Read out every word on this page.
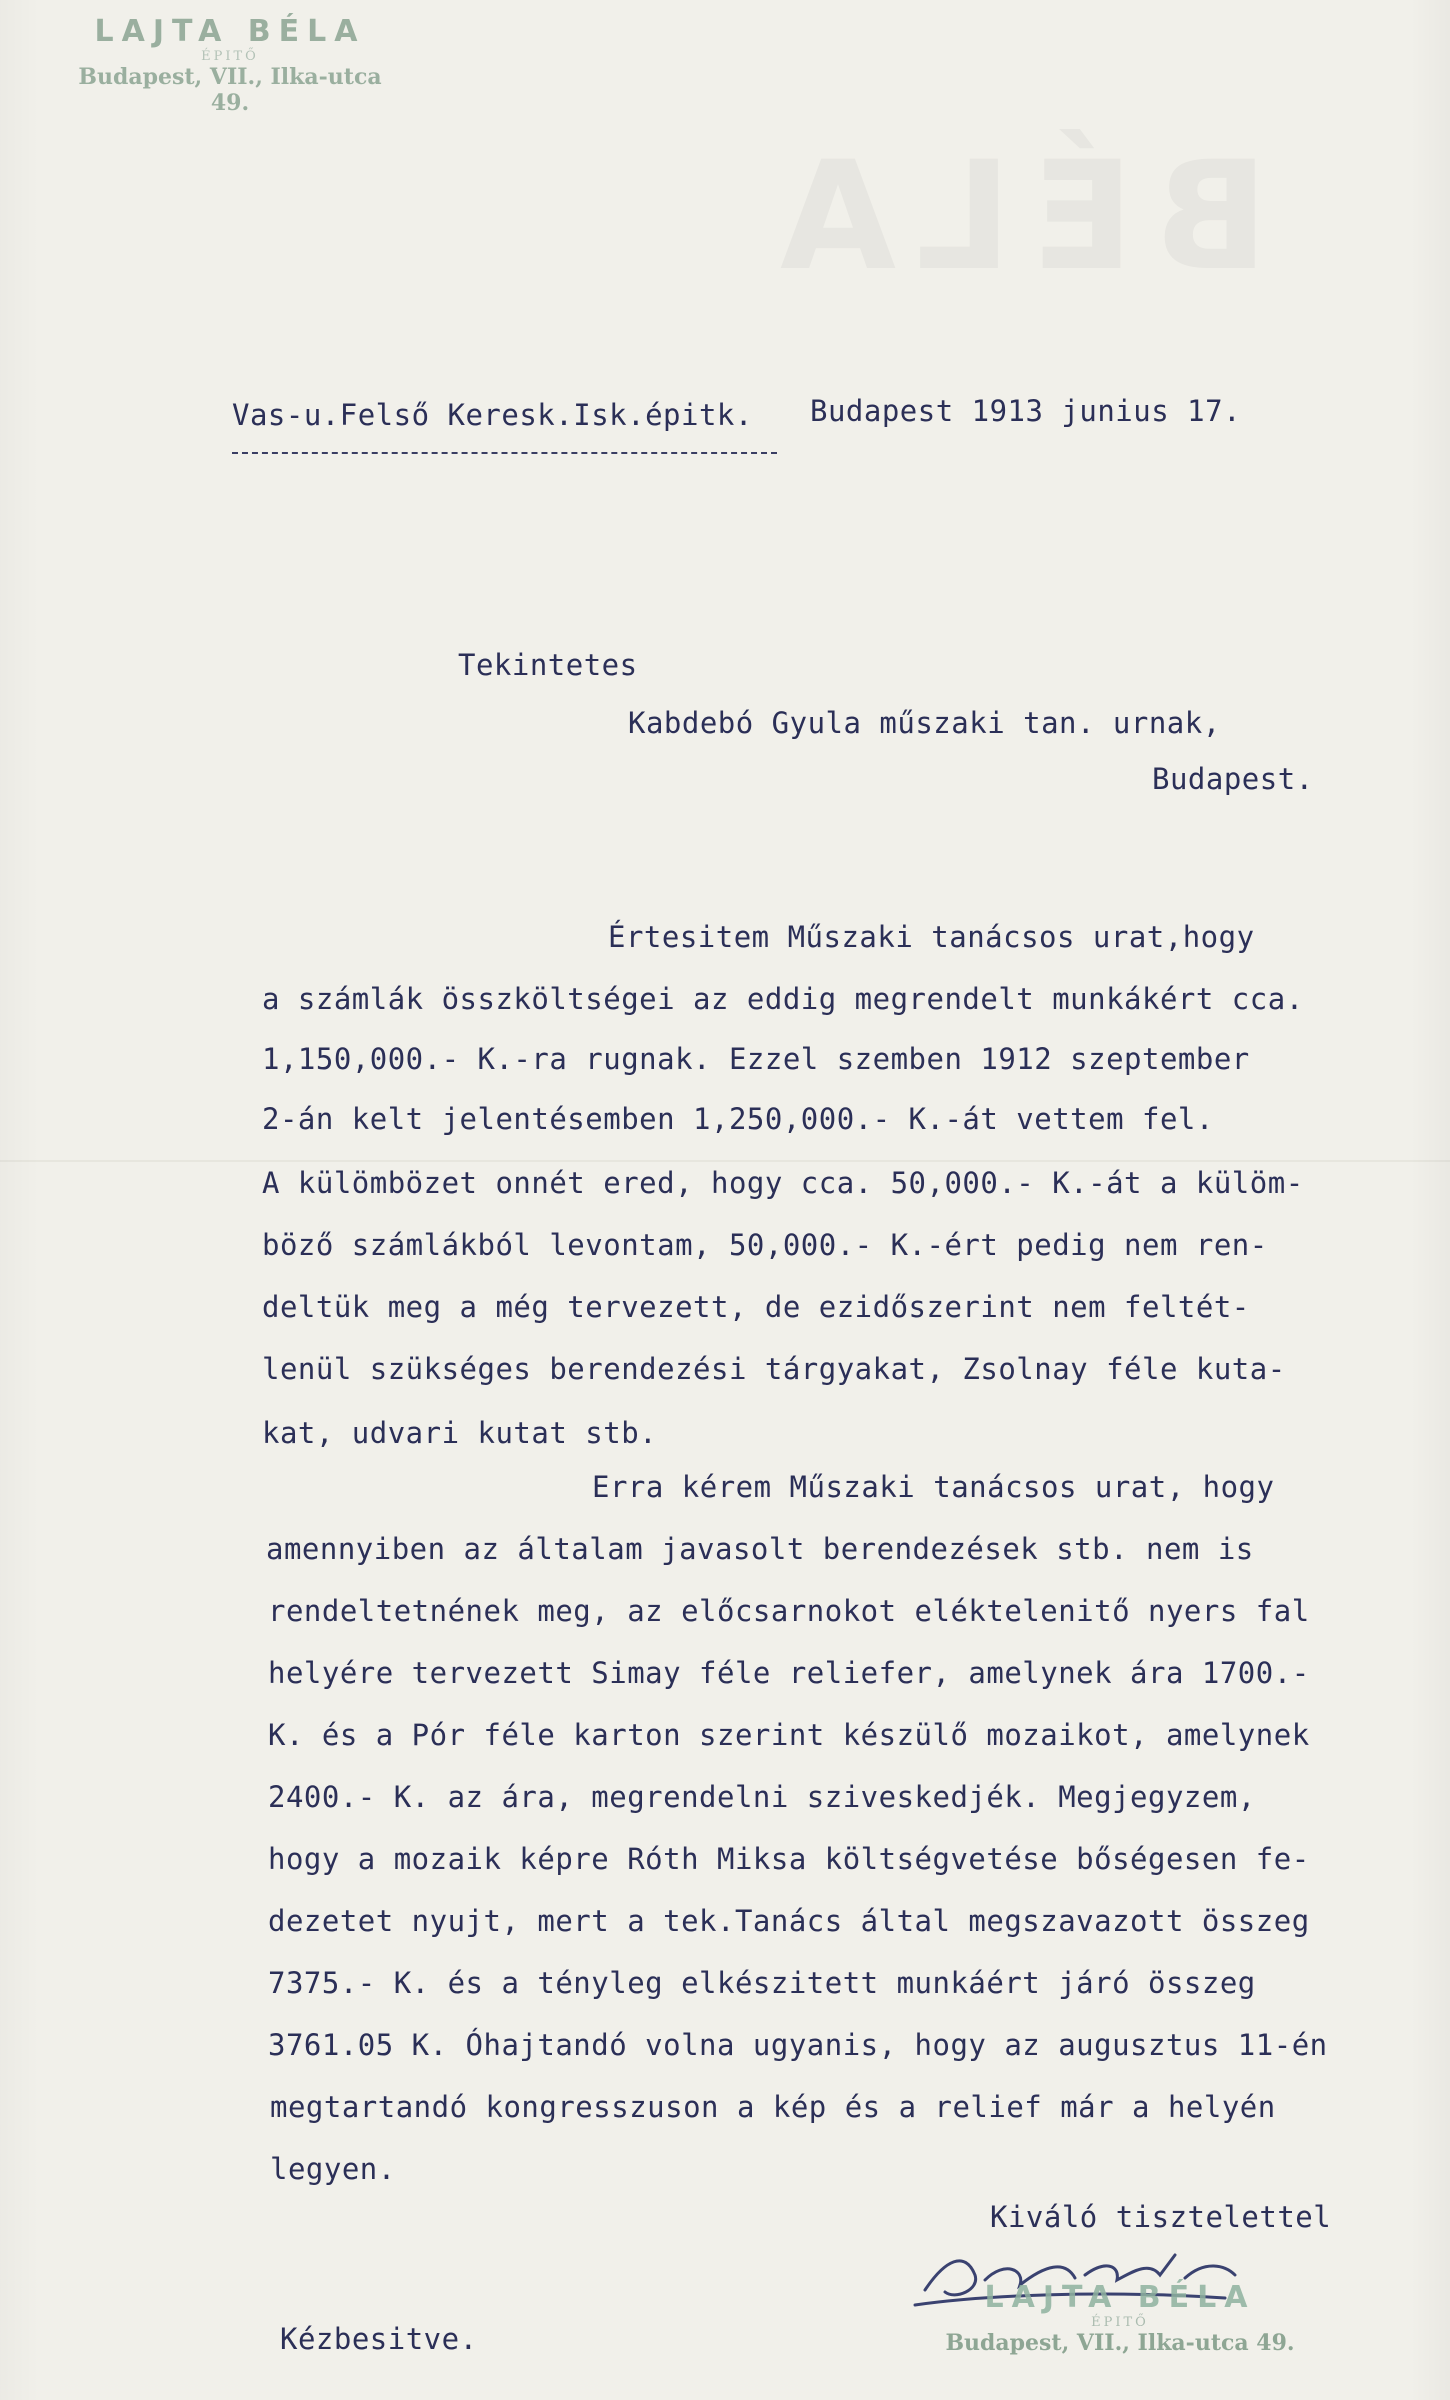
BÉLA
LAJTA BÉLA
ÉPITŐ
Budapest, VII., Ilka-utca 49.
Vas-u.Felső Keresk.Isk.épitk. Budapest 1913 junius 17.
Tekintetes
Kabdebó Gyula műszaki tan. urnak,
Budapest.
Értesitem Műszaki tanácsos urat,hogy
a számlák összköltségei az eddig megrendelt munkákért cca.
1,150,000.- K.-ra rugnak. Ezzel szemben 1912 szeptember
2-án kelt jelentésemben 1,250,000.- K.-át vettem fel.
A külömbözet onnét ered, hogy cca. 50,000.- K.-át a külöm-
böző számlákból levontam, 50,000.- K.-ért pedig nem ren-
deltük meg a még tervezett, de ezidőszerint nem feltét-
lenül szükséges berendezési tárgyakat, Zsolnay féle kuta-
kat, udvari kutat stb.
Erra kérem Műszaki tanácsos urat, hogy
amennyiben az általam javasolt berendezések stb. nem is
rendeltetnének meg, az előcsarnokot eléktelenitő nyers fal
helyére tervezett Simay féle reliefer, amelynek ára 1700.-
K. és a Pór féle karton szerint készülő mozaikot, amelynek
2400.- K. az ára, megrendelni sziveskedjék. Megjegyzem,
hogy a mozaik képre Róth Miksa költségvetése bőségesen fe-
dezetet nyujt, mert a tek.Tanács által megszavazott összeg
7375.- K. és a tényleg elkészitett munkáért járó összeg
3761.05 K. Óhajtandó volna ugyanis, hogy az augusztus 11-én
megtartandó kongresszuson a kép és a relief már a helyén
legyen.
Kiváló tisztelettel
LAJTA BÉLA
ÉPITŐ
Budapest, VII., Ilka-utca 49.
Kézbesitve.
